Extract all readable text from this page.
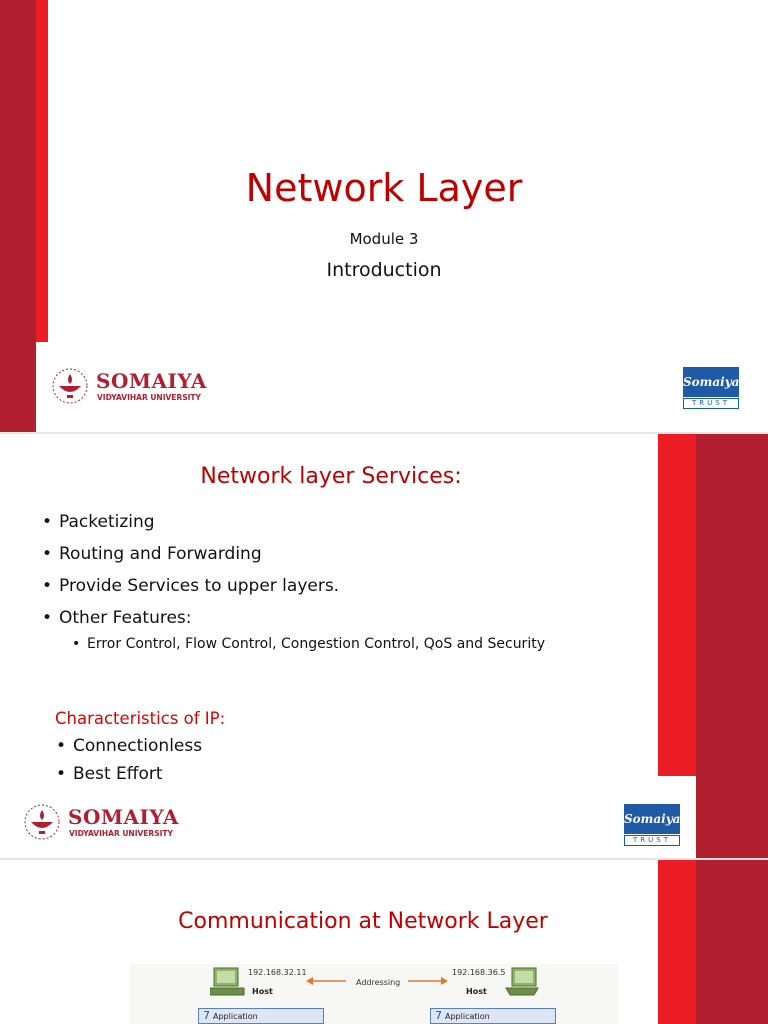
Network Layer
Module 3
Introduction
SOMAIYA
VIDYAVIHAR UNIVERSITY
Somaiya
TRUST
Network layer Services:
• Packetizing
• Routing and Forwarding
• Provide Services to upper layers.
• Other Features:
• Error Control, Flow Control, Congestion Control, QoS and Security
Characteristics of IP:
• Connectionless
• Best Effort
SOMAIYA
VIDYAVIHAR UNIVERSITY
Somaiya
TRUST
Communication at Network Layer
192.168.32.11
Host
192.168.36.5
Host
Addressing
7 Application	7 Application
